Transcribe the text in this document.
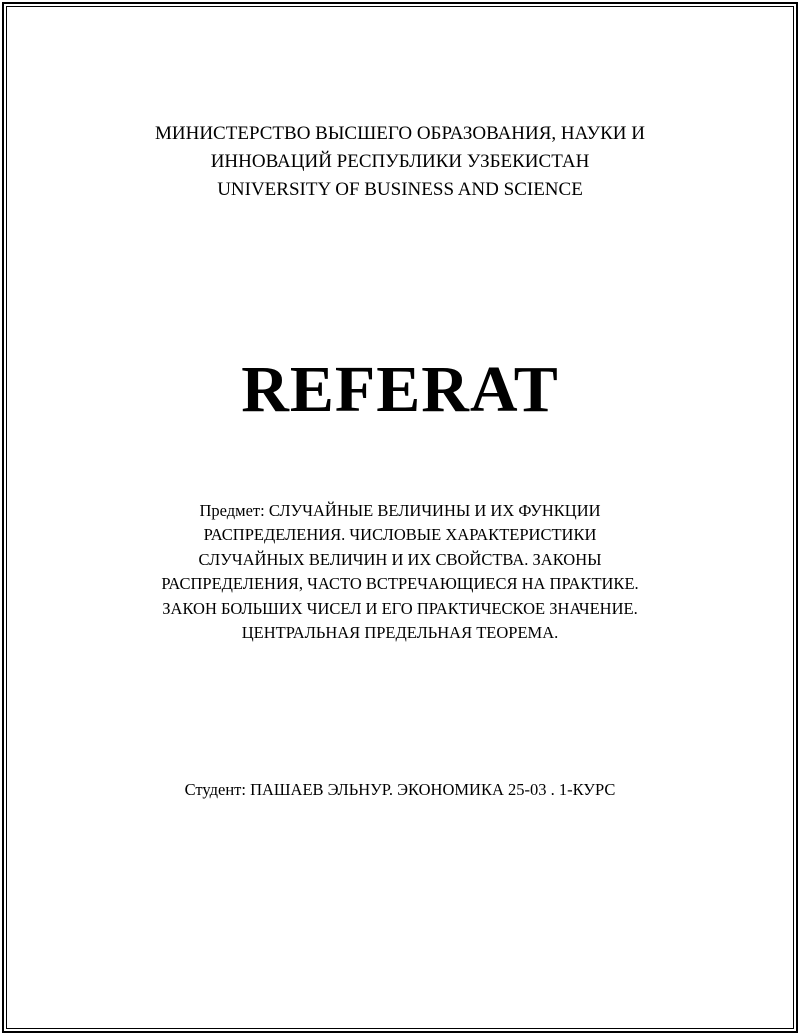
МИНИСТЕРСТВО ВЫСШЕГО ОБРАЗОВАНИЯ, НАУКИ И
ИННОВАЦИЙ РЕСПУБЛИКИ УЗБЕКИСТАН
UNIVERSITY OF BUSINESS AND SCIENCE
REFERAT
Предмет: СЛУЧАЙНЫЕ ВЕЛИЧИНЫ И ИХ ФУНКЦИИ
РАСПРЕДЕЛЕНИЯ. ЧИСЛОВЫЕ ХАРАКТЕРИСТИКИ
СЛУЧАЙНЫХ ВЕЛИЧИН И ИХ СВОЙСТВА. ЗАКОНЫ
РАСПРЕДЕЛЕНИЯ, ЧАСТО ВСТРЕЧАЮЩИЕСЯ НА ПРАКТИКЕ.
ЗАКОН БОЛЬШИХ ЧИСЕЛ И ЕГО ПРАКТИЧЕСКОЕ ЗНАЧЕНИЕ.
ЦЕНТРАЛЬНАЯ ПРЕДЕЛЬНАЯ ТЕОРЕМА.
Студент: ПАШАЕВ ЭЛЬНУР. ЭКОНОМИКА 25-03 . 1-КУРС
